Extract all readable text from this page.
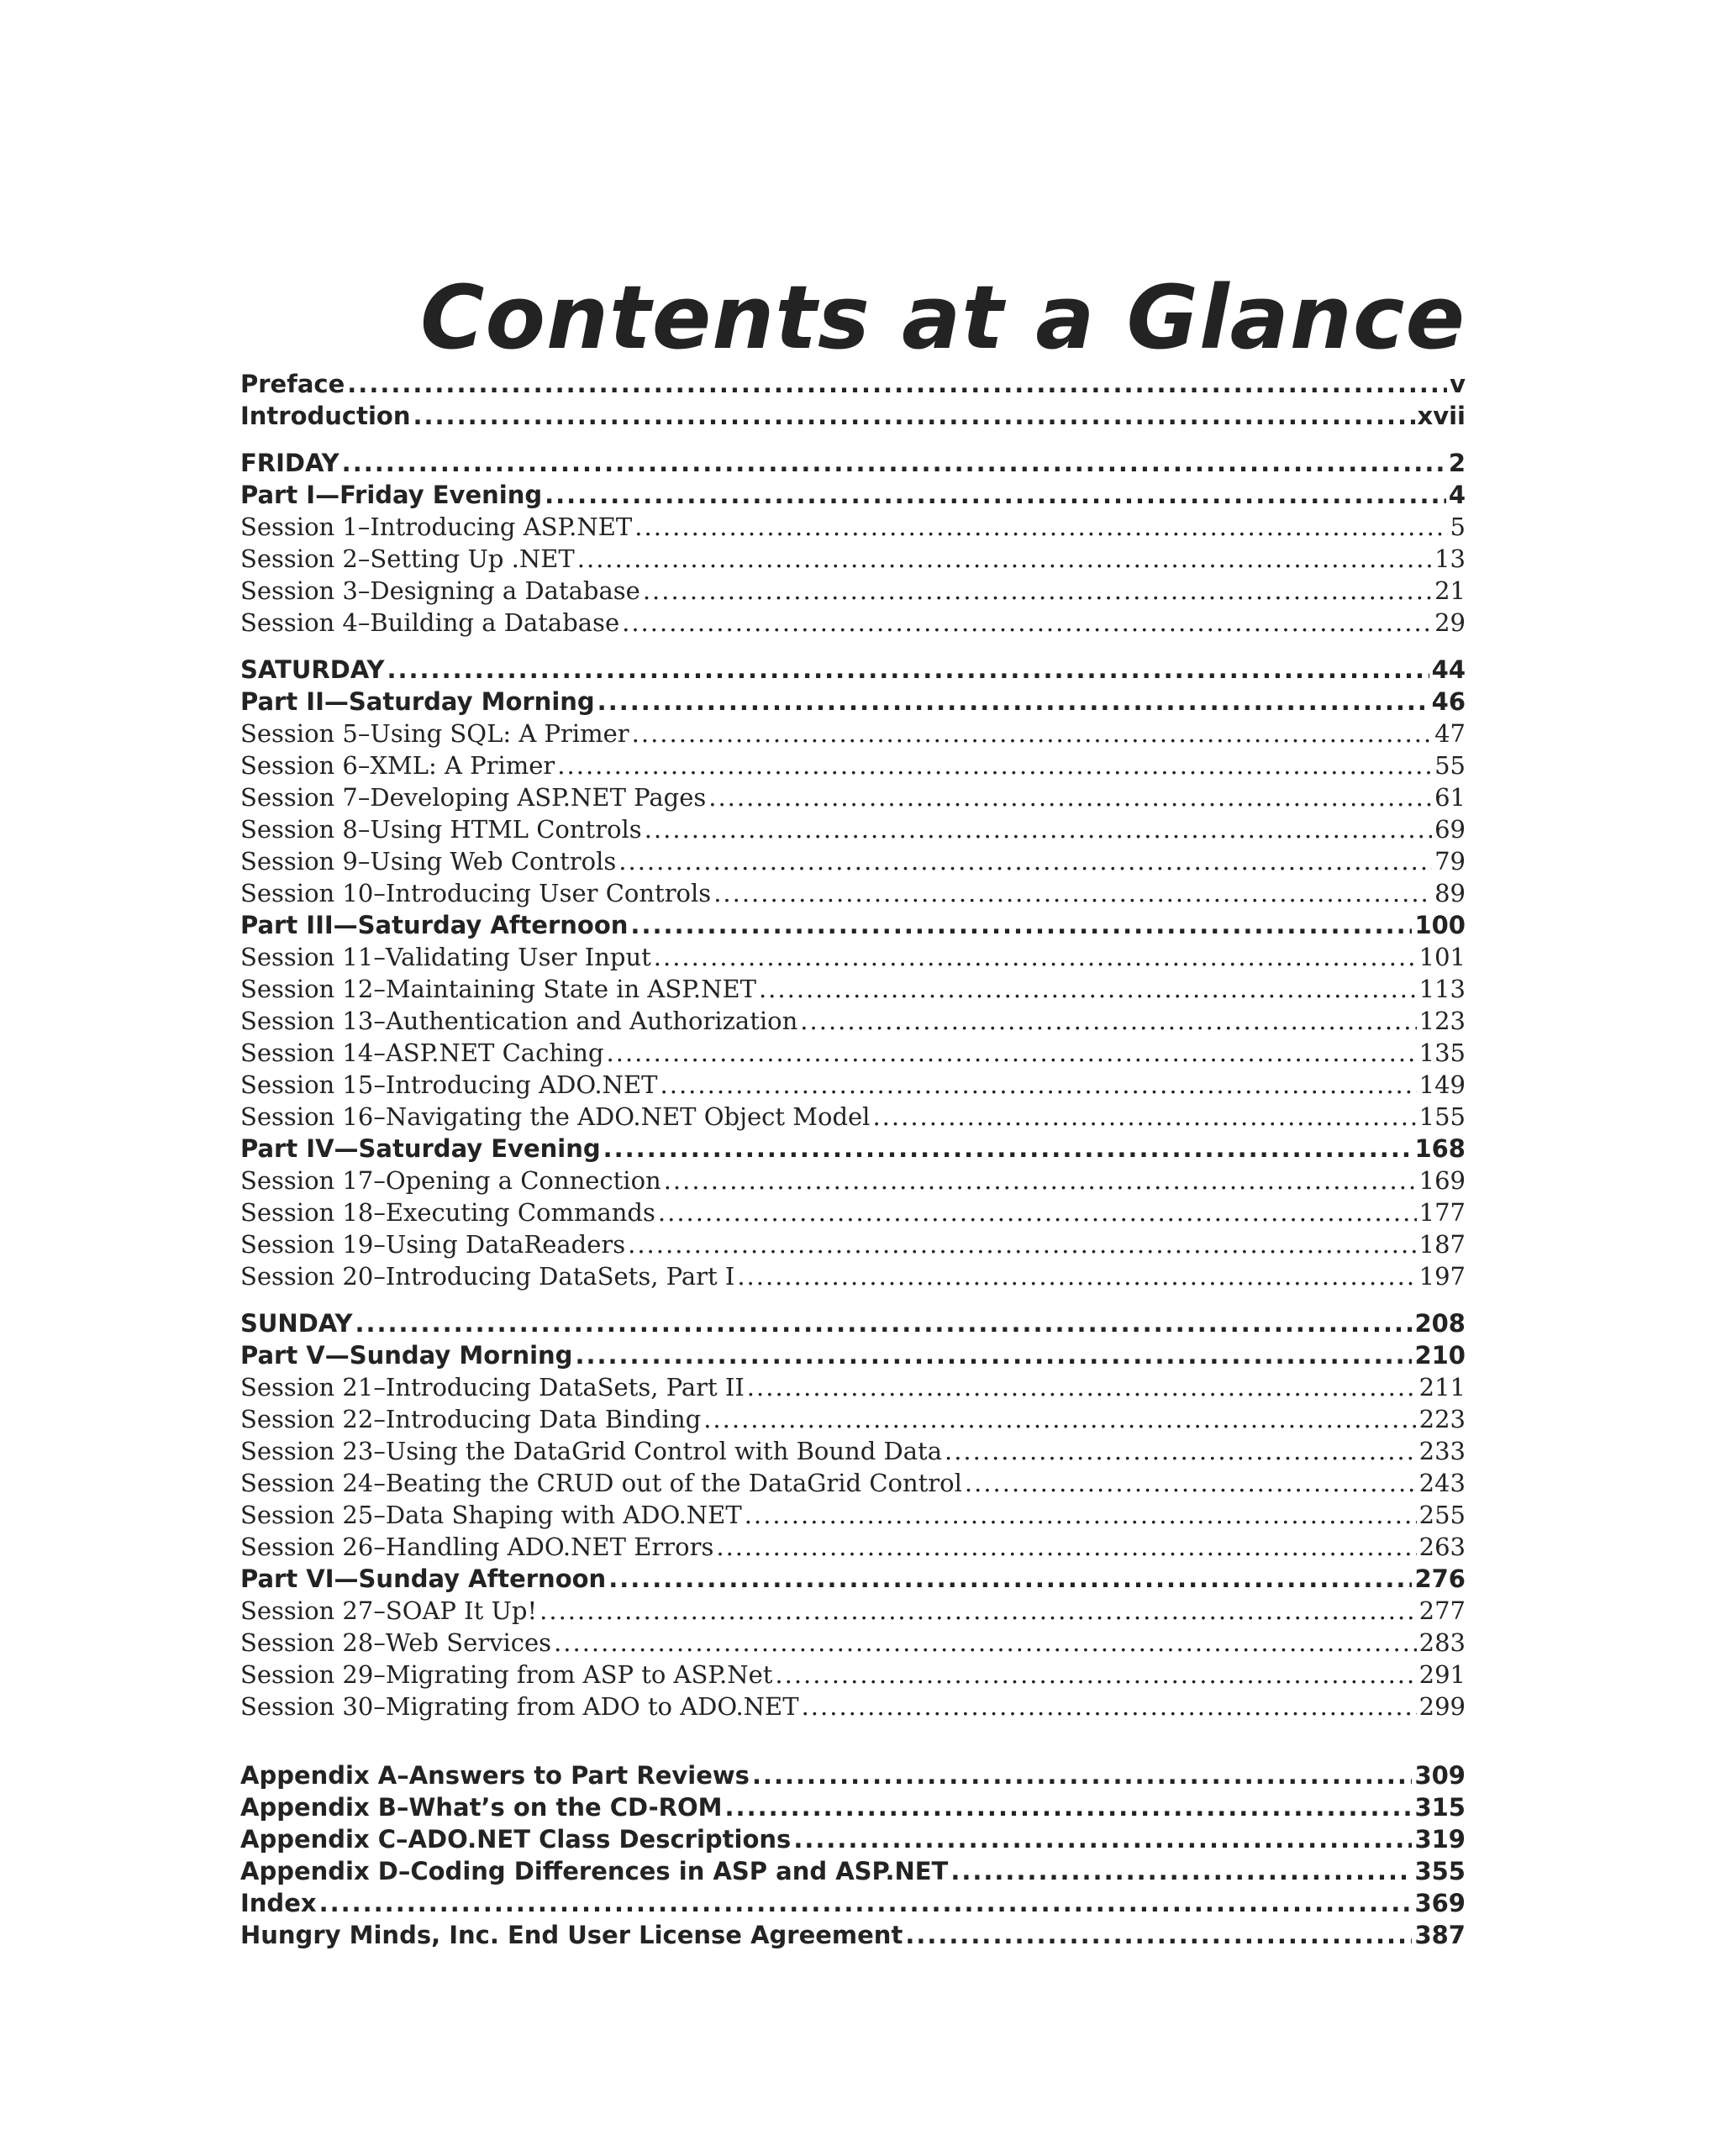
Contents at a Glance
Preface .....	v
Introduction .....	xvii
FRIDAY .....	2
Part I—Friday Evening .....	4
Session 1–Introducing ASP.NET .....	5
Session 2–Setting Up .NET .....	13
Session 3–Designing a Database .....	21
Session 4–Building a Database .....	29
SATURDAY .....	44
Part II—Saturday Morning .....	46
Session 5–Using SQL: A Primer .....	47
Session 6–XML: A Primer .....	55
Session 7–Developing ASP.NET Pages .....	61
Session 8–Using HTML Controls .....	69
Session 9–Using Web Controls .....	79
Session 10–Introducing User Controls .....	89
Part III—Saturday Afternoon .....	100
Session 11–Validating User Input .....	101
Session 12–Maintaining State in ASP.NET .....	113
Session 13–Authentication and Authorization .....	123
Session 14–ASP.NET Caching .....	135
Session 15–Introducing ADO.NET .....	149
Session 16–Navigating the ADO.NET Object Model .....	155
Part IV—Saturday Evening .....	168
Session 17–Opening a Connection .....	169
Session 18–Executing Commands .....	177
Session 19–Using DataReaders .....	187
Session 20–Introducing DataSets, Part I .....	197
SUNDAY .....	208
Part V—Sunday Morning .....	210
Session 21–Introducing DataSets, Part II .....	211
Session 22–Introducing Data Binding .....	223
Session 23–Using the DataGrid Control with Bound Data .....	233
Session 24–Beating the CRUD out of the DataGrid Control .....	243
Session 25–Data Shaping with ADO.NET .....	255
Session 26–Handling ADO.NET Errors .....	263
Part VI—Sunday Afternoon .....	276
Session 27–SOAP It Up! .....	277
Session 28–Web Services .....	283
Session 29–Migrating from ASP to ASP.Net .....	291
Session 30–Migrating from ADO to ADO.NET .....	299
Appendix A–Answers to Part Reviews .....	309
Appendix B–What’s on the CD-ROM .....	315
Appendix C–ADO.NET Class Descriptions .....	319
Appendix D–Coding Differences in ASP and ASP.NET .....	355
Index .....	369
Hungry Minds, Inc. End User License Agreement .....	387
